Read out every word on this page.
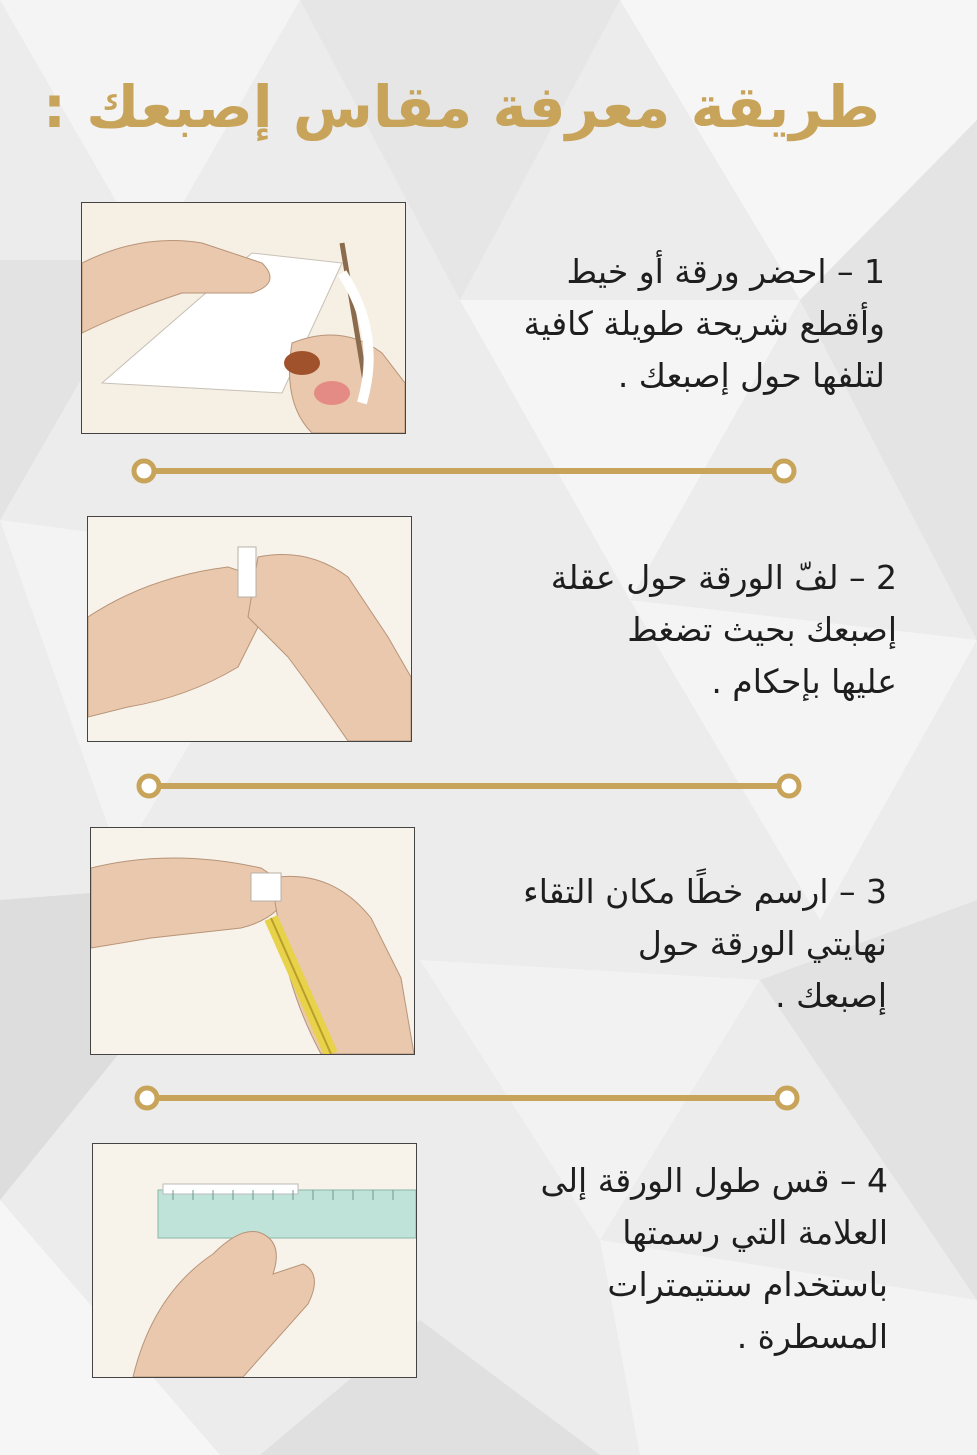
طريقة معرفة مقاس إصبعك :
1 – احضر ورقة أو خيط
وأقطع شريحة طويلة كافية
لتلفها حول إصبعك .
2 – لفّ الورقة حول عقلة
إصبعك بحيث تضغط
عليها بإحكام .
3 – ارسم خطًا مكان التقاء
نهايتي الورقة حول
إصبعك .
4 – قس طول الورقة إلى
العلامة التي رسمتها
باستخدام سنتيمترات
المسطرة .
